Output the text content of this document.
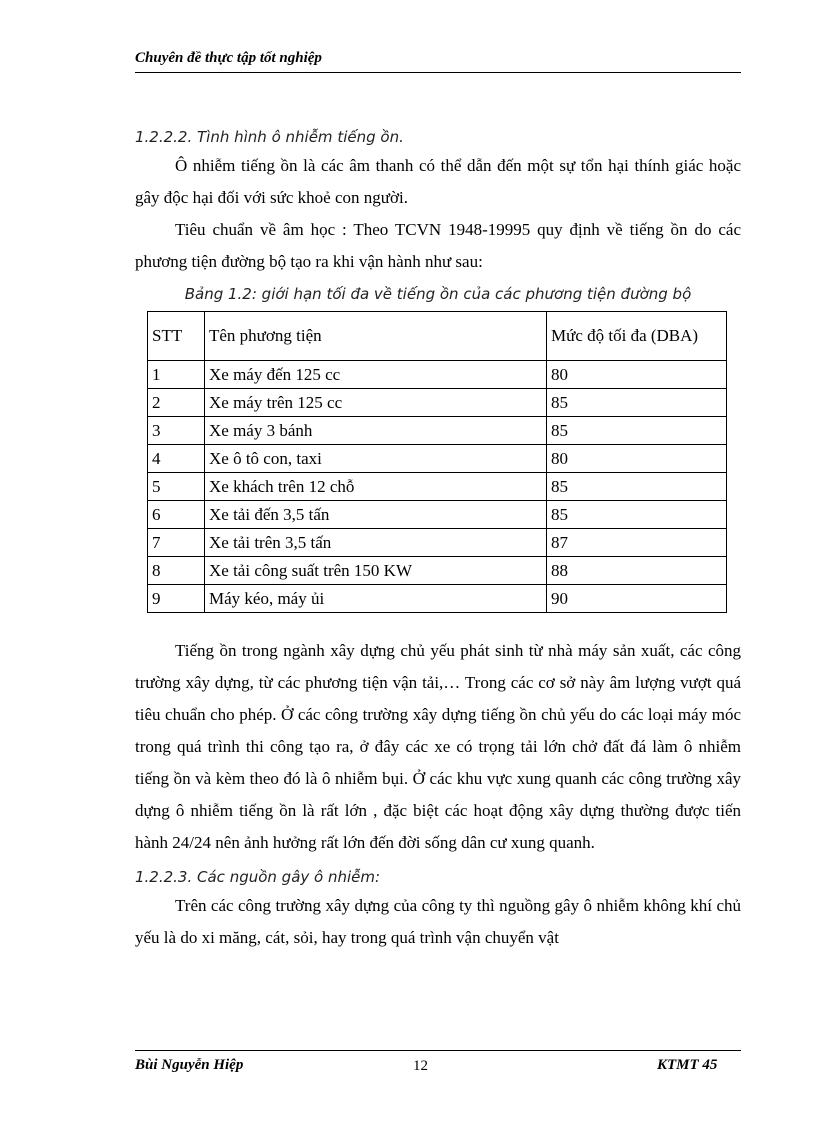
Chuyên đề thực tập tốt nghiệp

1.2.2.2. Tình hình ô nhiễm tiếng ồn.

Ô nhiễm tiếng ồn là các âm thanh có thể dẫn đến một sự tổn hại thính giác hoặc gây độc hại đối với sức khoẻ con người.

Tiêu chuẩn về âm học : Theo TCVN 1948-19995 quy định về tiếng ồn do các phương tiện đường bộ tạo ra khi vận hành như sau:

Bảng 1.2: giới hạn tối đa về tiếng ồn của các phương tiện đường bộ

STT	Tên phương tiện	Mức độ tối đa (DBA)
1	Xe máy đến 125 cc	80
2	Xe máy trên 125 cc	85
3	Xe máy 3 bánh	85
4	Xe ô tô con, taxi	80
5	Xe khách trên 12 chỗ	85
6	Xe tải đến 3,5 tấn	85
7	Xe tải trên 3,5 tấn	87
8	Xe tải công suất trên 150 KW	88
9	Máy kéo, máy ủi	90

Tiếng ồn trong ngành xây dựng chủ yếu phát sinh từ nhà máy sản xuất, các công trường xây dựng, từ các phương tiện vận tải,… Trong các cơ sở này âm lượng vượt quá tiêu chuẩn cho phép. Ở các công trường xây dựng tiếng ồn chủ yếu do các loại máy móc trong quá trình thi công tạo ra, ở đây các xe có trọng tải lớn chở đất đá làm ô nhiễm tiếng ồn và kèm theo đó là ô nhiễm bụi. Ở các khu vực xung quanh các công trường xây dựng ô nhiễm tiếng ồn là rất lớn , đặc biệt các hoạt động xây dựng thường được tiến hành 24/24 nên ảnh hưởng rất lớn đến đời sống dân cư xung quanh.

1.2.2.3. Các nguồn gây ô nhiễm:

Trên các công trường xây dựng của công ty thì nguồng gây ô nhiễm không khí chủ yếu là do xi măng, cát, sỏi, hay trong quá trình vận chuyển vật

Bùi Nguyễn Hiệp	12	KTMT 45
